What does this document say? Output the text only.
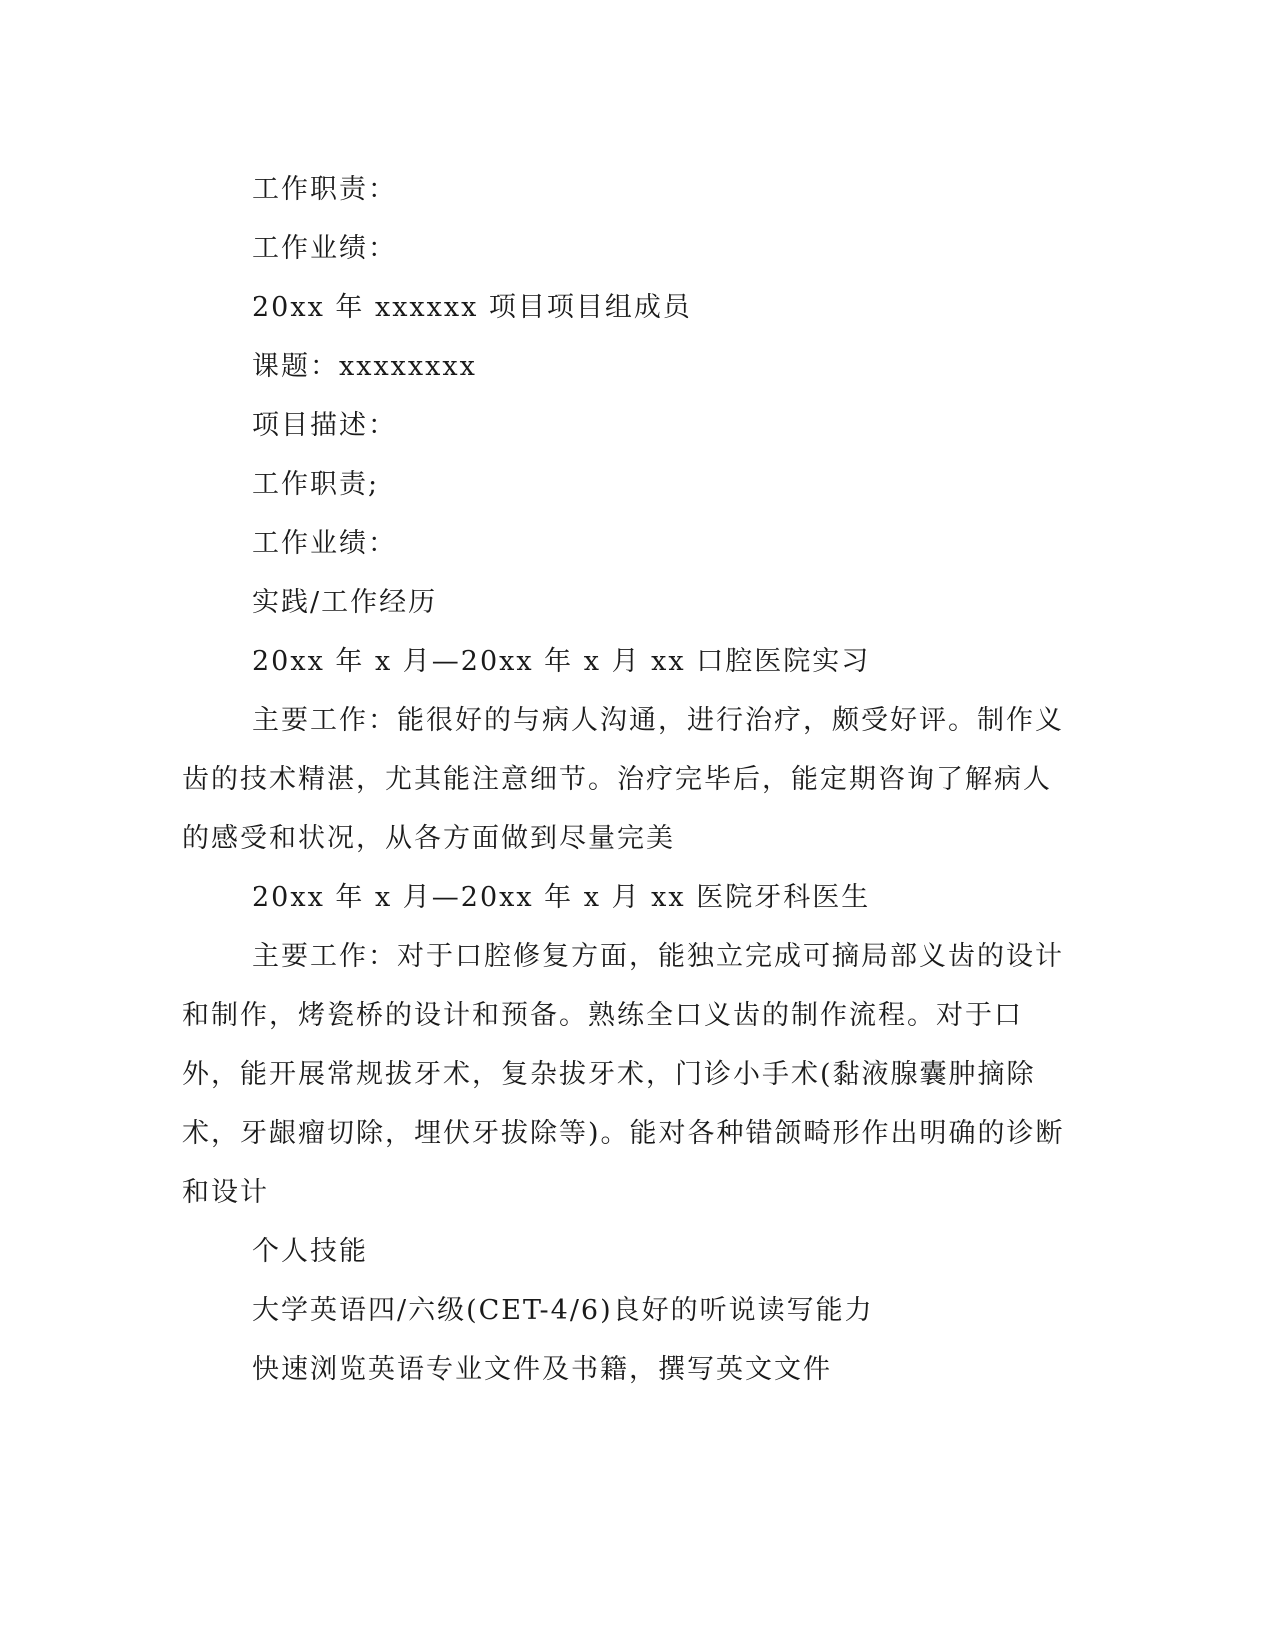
工作职责：

工作业绩：

20xx 年 xxxxxx 项目项目组成员

课题：xxxxxxxx

项目描述：

工作职责;

工作业绩：

实践/工作经历

20xx 年 x 月—20xx 年 x 月 xx 口腔医院实习

主要工作：能很好的与病人沟通，进行治疗，颇受好评。制作义齿的技术精湛，尤其能注意细节。治疗完毕后，能定期咨询了解病人的感受和状况，从各方面做到尽量完美

20xx 年 x 月—20xx 年 x 月 xx 医院牙科医生

主要工作：对于口腔修复方面，能独立完成可摘局部义齿的设计和制作，烤瓷桥的设计和预备。熟练全口义齿的制作流程。对于口外，能开展常规拔牙术，复杂拔牙术，门诊小手术(黏液腺囊肿摘除术，牙龈瘤切除，埋伏牙拔除等)。能对各种错颌畸形作出明确的诊断和设计

个人技能

大学英语四/六级(CET-4/6)良好的听说读写能力

快速浏览英语专业文件及书籍，撰写英文文件
